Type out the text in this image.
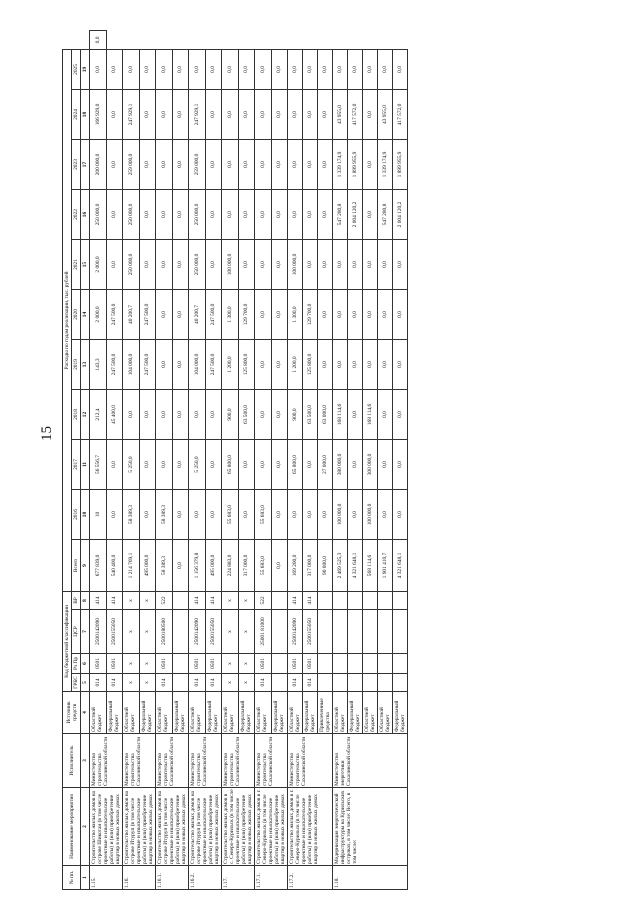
15
№ пп.	Наименование мероприятия	Исполнитель	Источник средств	Код бюджетной классификации				Расходы по годам реализации, тыс. рублей											
				ГРБС	Рз Пр	ЦСР	ВР	Всего	2016	2017	2018	2019	2020	2021	2022	2023	2024	2025	
1	2	3	4	5	6	7	8	9	10	11	12	13	14	15	16	17	18	19	
1.15.	Строительство жилых домов на острове Шикотан (в том числе проектные и изыскательские работы) и (или) приобретение квартир в новых жилых домах	Министерство строительства Сахалинской области	Областной бюджет	014	0501	2500142090	414	677 839,0	10	56 556,7	212,4	143,3	2 000,0	2 000,0	250 000,0	200 000,0	166 929,0	0,0	0,0
			Федеральный бюджет	014	0501	2500155050	414	540 400,0	0,0	0,0	45 400,0	247 500,0	247 500,0	0,0	0,0	0,0	0,0	0,0	
1.16.	Строительство жилых домов на острове Итуруп (в том числе проектные и изыскательские работы) и (или) приобретение квартир в новых жилых домах	Министерство строительства Сахалинской области	Областной бюджет	х	х	х	х	1 214 769,1	58 389,3	5 250,0	0,0	104 000,0	40 200,7	250 000,0	250 000,0	259 000,0	247 929,1	0,0	
			Федеральный бюджет	х	х	х	х	495 000,0	0,0	0,0	0,0	247 500,0	247 500,0	0,0	0,0	0,0	0,0	0,0	
1.16.1.	Строительство жилых домов на острове Итуруп (в том числе проектные и изыскательские работы) и (или) приобретение квартир в новых жилых домах	Министерство строительства Сахалинской области	Областной бюджет	014	0501	2500180500	522	58 389,3	58 389,3	0,0	0,0	0,0	0,0	0,0	0,0	0,0	0,0	0,0	
			Федеральный бюджет					0,0	0,0	0,0	0,0	0,0	0,0	0,0	0,0	0,0	0,0	0,0	
1.16.2.	Строительство жилых домов на острове Итуруп (в том числе проектные и изыскательские работы) и (или) приобретение квартир в новых жилых домах	Министерство строительства Сахалинской области	Областной бюджет	014	0501	2500142090	414	1 156 379,8	0,0	5 250,0	0,0	104 000,0	40 200,7	250 000,0	250 000,0	259 000,0	247 929,1	0,0	
			Федеральный бюджет	014	0501	2500155050	414	495 000,0	0,0	0,0	0,0	247 500,0	247 500,0	0,0	0,0	0,0	0,0	0,0	
1.17.	Строительство жилых домов в с. Северо-Курильск (в том числе проектные и изыскательские работы) и (или) приобретение квартир в новых жилых домах	Министерство строительства Сахалинской области	Областной бюджет	х	х	х	х	224 883,0	55 683,0	65 800,0	900,0	1 200,0	1 300,0	100 000,0	0,0	0,0	0,0	0,0	
			Федеральный бюджет	х	х	х	х	317 000,0	0,0	0,0	63 500,0	125 800,0	129 700,0	0,0	0,0	0,0	0,0	0,0	
1.17.1.	Строительство жилых домов в г. Северо-Курильск (в том числе проектные и изыскательские работы) и (или) приобретение квартир в новых жилых домах	Министерство строительства Сахалинской области	Областной бюджет	014	0501	25001 81000	522	55 683,0	55 683,0	0,0	0,0	0,0	0,0	0,0	0,0	0,0	0,0	0,0	
			Федеральный бюджет					0,0	0,0	0,0	0,0	0,0	0,0	0,0	0,0	0,0	0,0	0,0	
1.17.2.	Строительство жилых домов в г. Северо-Курильск (в том числе проектные и изыскательские работы) и (или) приобретение квартир в новых жилых домах	Министерство строительства Сахалинской области	Областной бюджет	014	0501	2500142090	414	169 200,0	0,0	65 800,0	900,0	1 200,0	1 300,0	100 000,0	0,0	0,0	0,0	0,0	
			Федеральный бюджет	014	0501	2500155050	414	317 000,0	0,0	0,0	63 500,0	125 800,0	129 700,0	0,0	0,0	0,0	0,0	0,0	
			Привлеченные средства					90 000,0	0,0	27 000,0	63 000,0	0,0	0,0	0,0	0,0	0,0	0,0	0,0	
1.18.	Модернизация энергетической инфраструктуры на Курильских островах, в том числе: Всего, в том числе:	Министерство энергетики Сахалинской области	Областной бюджет					2 469 525,3	100 000,0	380 000,0	168 114,6	0,0	0,0	0,0	547 280,8	1 339 174,9	43 955,0	0,0	
			Федеральный бюджет					4 321 648,1	0,0	0,0	0,0	0,0	0,0	0,0	2 004 120,2	1 899 955,9	417 572,0	0,0	
			Областной бюджет					568 114,6	100 000,0	300 000,0	168 114,6	0,0	0,0	0,0	0,0	0,0	0,0	0,0	
			Областной бюджет					1 901 410,7	0,0	0,0	0,0	0,0	0,0	0,0	547 280,8	1 339 174,9	43 955,0	0,0	
			Федеральный бюджет					4 321 648,1	0,0	0,0	0,0	0,0	0,0	0,0	2 004 120,2	1 899 955,9	417 572,0	0,0	
